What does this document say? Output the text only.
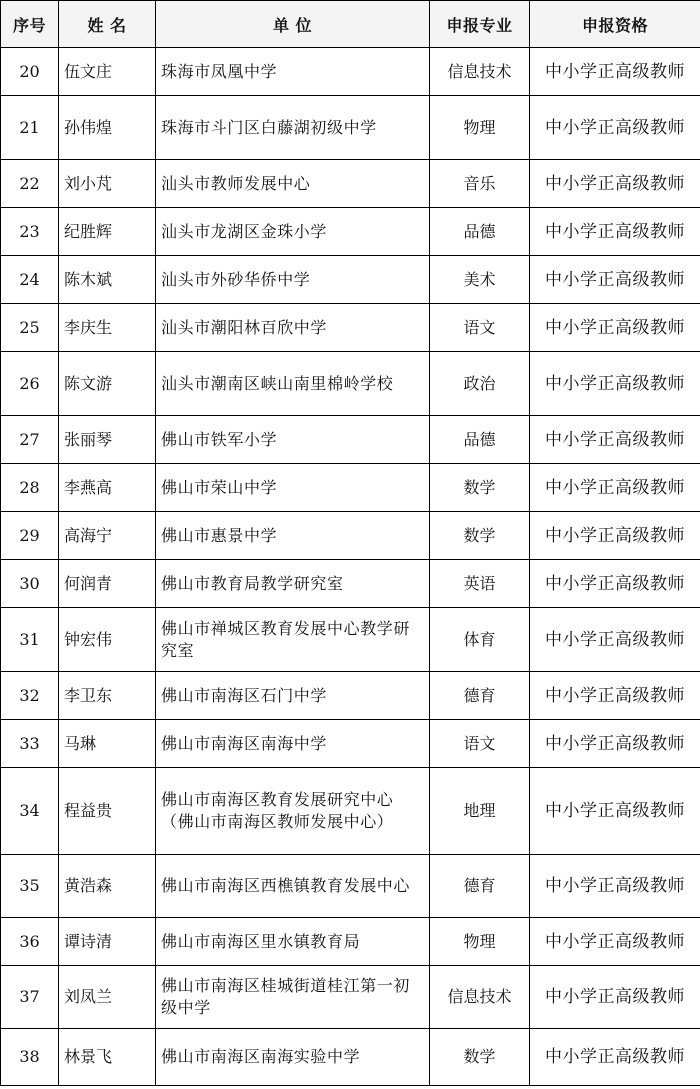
序号	姓 名	单 位	申报专业	申报资格
20	伍文庄	珠海市凤凰中学	信息技术	中小学正高级教师
21	孙伟煌	珠海市斗门区白藤湖初级中学	物理	中小学正高级教师
22	刘小芃	汕头市教师发展中心	音乐	中小学正高级教师
23	纪胜辉	汕头市龙湖区金珠小学	品德	中小学正高级教师
24	陈木斌	汕头市外砂华侨中学	美术	中小学正高级教师
25	李庆生	汕头市潮阳林百欣中学	语文	中小学正高级教师
26	陈文游	汕头市潮南区峡山南里棉岭学校	政治	中小学正高级教师
27	张丽琴	佛山市铁军小学	品德	中小学正高级教师
28	李燕高	佛山市荣山中学	数学	中小学正高级教师
29	高海宁	佛山市惠景中学	数学	中小学正高级教师
30	何润青	佛山市教育局教学研究室	英语	中小学正高级教师
31	钟宏伟	佛山市禅城区教育发展中心教学研究室	体育	中小学正高级教师
32	李卫东	佛山市南海区石门中学	德育	中小学正高级教师
33	马琳	佛山市南海区南海中学	语文	中小学正高级教师
34	程益贵	佛山市南海区教育发展研究中心（佛山市南海区教师发展中心）	地理	中小学正高级教师
35	黄浩森	佛山市南海区西樵镇教育发展中心	德育	中小学正高级教师
36	谭诗清	佛山市南海区里水镇教育局	物理	中小学正高级教师
37	刘凤兰	佛山市南海区桂城街道桂江第一初级中学	信息技术	中小学正高级教师
38	林景飞	佛山市南海区南海实验中学	数学	中小学正高级教师
